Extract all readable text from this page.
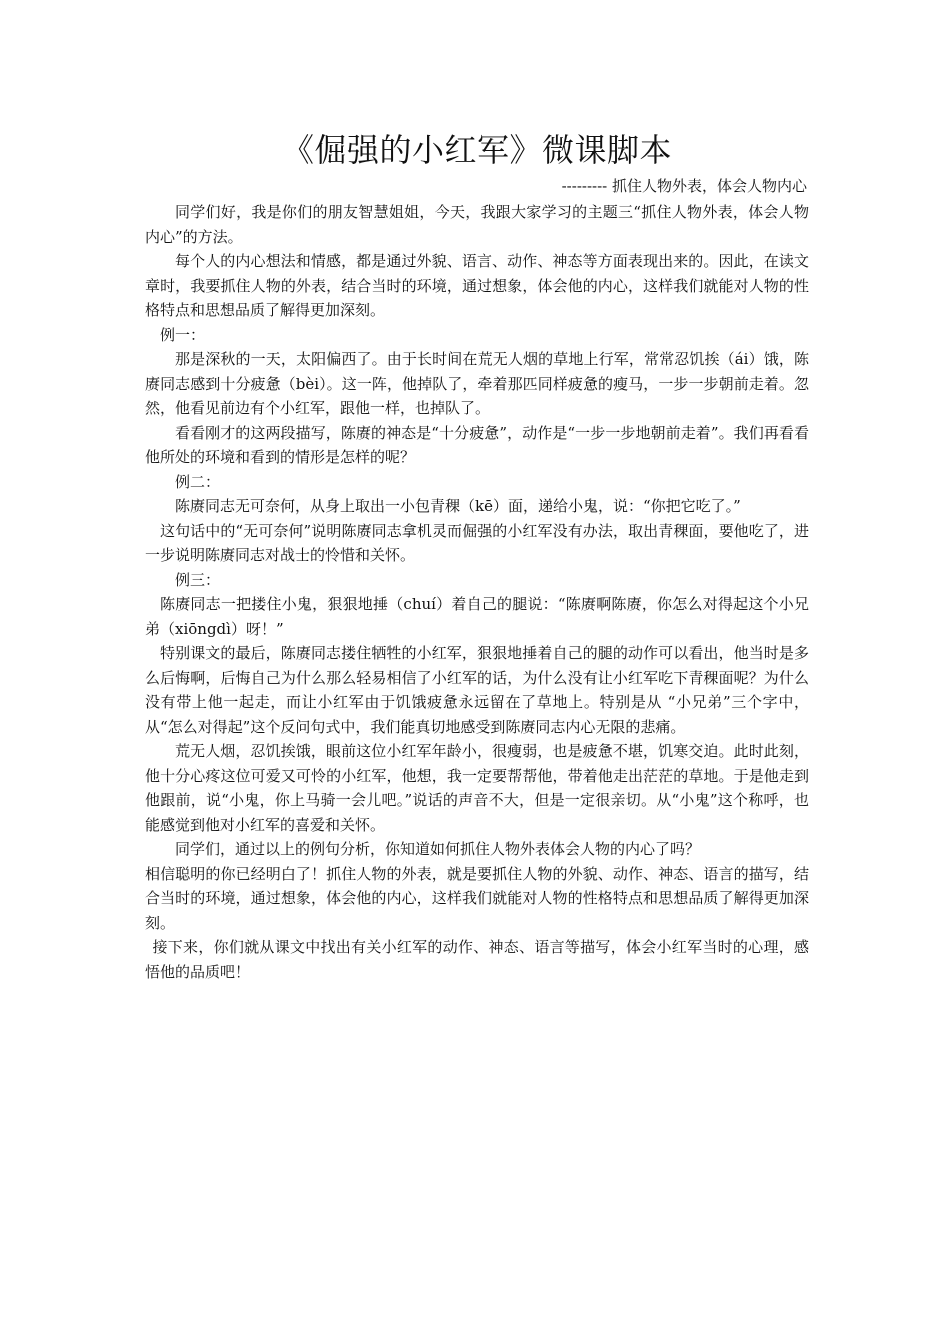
《倔强的小红军》微课脚本
--------- 抓住人物外表，体会人物内心

同学们好，我是你们的朋友智慧姐姐，今天，我跟大家学习的主题三“抓住人物外表，体会人物内心”的方法。

每个人的内心想法和情感，都是通过外貌、语言、动作、神态等方面表现出来的。因此，在读文章时，我要抓住人物的外表，结合当时的环境，通过想象，体会他的内心，这样我们就能对人物的性格特点和思想品质了解得更加深刻。

例一：

那是深秋的一天，太阳偏西了。由于长时间在荒无人烟的草地上行军，常常忍饥挨（ái）饿，陈赓同志感到十分疲惫（bèi）。这一阵，他掉队了，牵着那匹同样疲惫的瘦马，一步一步朝前走着。忽然，他看见前边有个小红军，跟他一样，也掉队了。

看看刚才的这两段描写，陈赓的神态是“十分疲惫”，动作是“一步一步地朝前走着”。我们再看看他所处的环境和看到的情形是怎样的呢？

例二：

陈赓同志无可奈何，从身上取出一小包青稞（kē）面，递给小鬼，说：“你把它吃了。”

这句话中的“无可奈何”说明陈赓同志拿机灵而倔强的小红军没有办法，取出青稞面，要他吃了，进一步说明陈赓同志对战士的怜惜和关怀。

例三：

陈赓同志一把搂住小鬼，狠狠地捶（chuí）着自己的腿说：“陈赓啊陈赓，你怎么对得起这个小兄弟（xiōngdì）呀！”

特别课文的最后，陈赓同志搂住牺牲的小红军，狠狠地捶着自己的腿的动作可以看出，他当时是多么后悔啊，后悔自己为什么那么轻易相信了小红军的话，为什么没有让小红军吃下青稞面呢？为什么没有带上他一起走，而让小红军由于饥饿疲惫永远留在了草地上。特别是从 “小兄弟”三个字中，从“怎么对得起”这个反问句式中，我们能真切地感受到陈赓同志内心无限的悲痛。

荒无人烟，忍饥挨饿，眼前这位小红军年龄小，很瘦弱，也是疲惫不堪，饥寒交迫。此时此刻，他十分心疼这位可爱又可怜的小红军，他想，我一定要帮帮他，带着他走出茫茫的草地。于是他走到他跟前，说“小鬼，你上马骑一会儿吧。”说话的声音不大，但是一定很亲切。从“小鬼”这个称呼，也能感觉到他对小红军的喜爱和关怀。

同学们，通过以上的例句分析，你知道如何抓住人物外表体会人物的内心了吗？

相信聪明的你已经明白了！抓住人物的外表，就是要抓住人物的外貌、动作、神态、语言的描写，结合当时的环境，通过想象，体会他的内心，这样我们就能对人物的性格特点和思想品质了解得更加深刻。

接下来，你们就从课文中找出有关小红军的动作、神态、语言等描写，体会小红军当时的心理，感悟他的品质吧！
